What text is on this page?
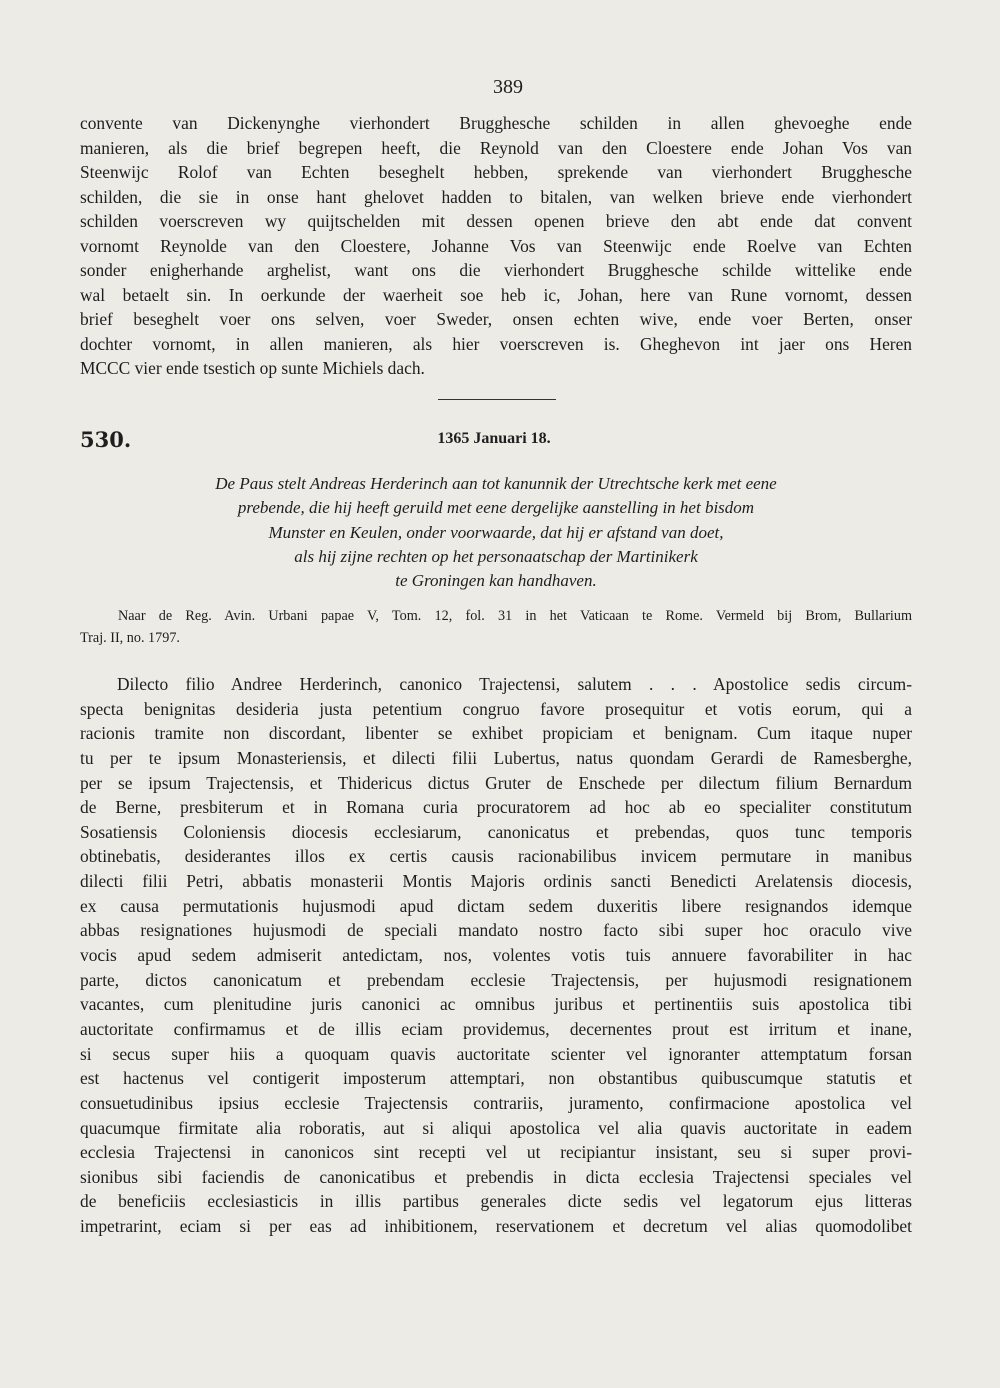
389
convente van Dickenynghe vierhondert Brugghesche schilden in allen ghevoeghe ende
manieren, als die brief begrepen heeft, die Reynold van den Cloestere ende Johan Vos van
Steenwijc Rolof van Echten beseghelt hebben, sprekende van vierhondert Brugghesche
schilden, die sie in onse hant ghelovet hadden to bitalen, van welken brieve ende vierhondert
schilden voerscreven wy quijtschelden mit dessen openen brieve den abt ende dat convent
vornomt Reynolde van den Cloestere, Johanne Vos van Steenwijc ende Roelve van Echten
sonder enigherhande arghelist, want ons die vierhondert Brugghesche schilde wittelike ende
wal betaelt sin. In oerkunde der waerheit soe heb ic, Johan, here van Rune vornomt, dessen
brief beseghelt voer ons selven, voer Sweder, onsen echten wive, ende voer Berten, onser
dochter vornomt, in allen manieren, als hier voerscreven is. Gheghevon int jaer ons Heren
MCCC vier ende tsestich op sunte Michiels dach.
530.	1365 Januari 18.
De Paus stelt Andreas Herderinch aan tot kanunnik der Utrechtsche kerk met eene
prebende, die hij heeft geruild met eene dergelijke aanstelling in het bisdom
Munster en Keulen, onder voorwaarde, dat hij er afstand van doet,
als hij zijne rechten op het personaatschap der Martinikerk
te Groningen kan handhaven.
Naar de Reg. Avin. Urbani papae V, Tom. 12, fol. 31 in het Vaticaan te Rome. Vermeld bij Brom, Bullarium
Traj. II, no. 1797.
Dilecto filio Andree Herderinch, canonico Trajectensi, salutem . . . Apostolice sedis circum-
specta benignitas desideria justa petentium congruo favore prosequitur et votis eorum, qui a
racionis tramite non discordant, libenter se exhibet propiciam et benignam. Cum itaque nuper
tu per te ipsum Monasteriensis, et dilecti filii Lubertus, natus quondam Gerardi de Ramesberghe,
per se ipsum Trajectensis, et Thidericus dictus Gruter de Enschede per dilectum filium Bernardum
de Berne, presbiterum et in Romana curia procuratorem ad hoc ab eo specialiter constitutum
Sosatiensis Coloniensis diocesis ecclesiarum, canonicatus et prebendas, quos tunc temporis
obtinebatis, desiderantes illos ex certis causis racionabilibus invicem permutare in manibus
dilecti filii Petri, abbatis monasterii Montis Majoris ordinis sancti Benedicti Arelatensis diocesis,
ex causa permutationis hujusmodi apud dictam sedem duxeritis libere resignandos idemque
abbas resignationes hujusmodi de speciali mandato nostro facto sibi super hoc oraculo vive
vocis apud sedem admiserit antedictam, nos, volentes votis tuis annuere favorabiliter in hac
parte, dictos canonicatum et prebendam ecclesie Trajectensis, per hujusmodi resignationem
vacantes, cum plenitudine juris canonici ac omnibus juribus et pertinentiis suis apostolica tibi
auctoritate confirmamus et de illis eciam providemus, decernentes prout est irritum et inane,
si secus super hiis a quoquam quavis auctoritate scienter vel ignoranter attemptatum forsan
est hactenus vel contigerit imposterum attemptari, non obstantibus quibuscumque statutis et
consuetudinibus ipsius ecclesie Trajectensis contrariis, juramento, confirmacione apostolica vel
quacumque firmitate alia roboratis, aut si aliqui apostolica vel alia quavis auctoritate in eadem
ecclesia Trajectensi in canonicos sint recepti vel ut recipiantur insistant, seu si super provi-
sionibus sibi faciendis de canonicatibus et prebendis in dicta ecclesia Trajectensi speciales vel
de beneficiis ecclesiasticis in illis partibus generales dicte sedis vel legatorum ejus litteras
impetrarint, eciam si per eas ad inhibitionem, reservationem et decretum vel alias quomodolibet
